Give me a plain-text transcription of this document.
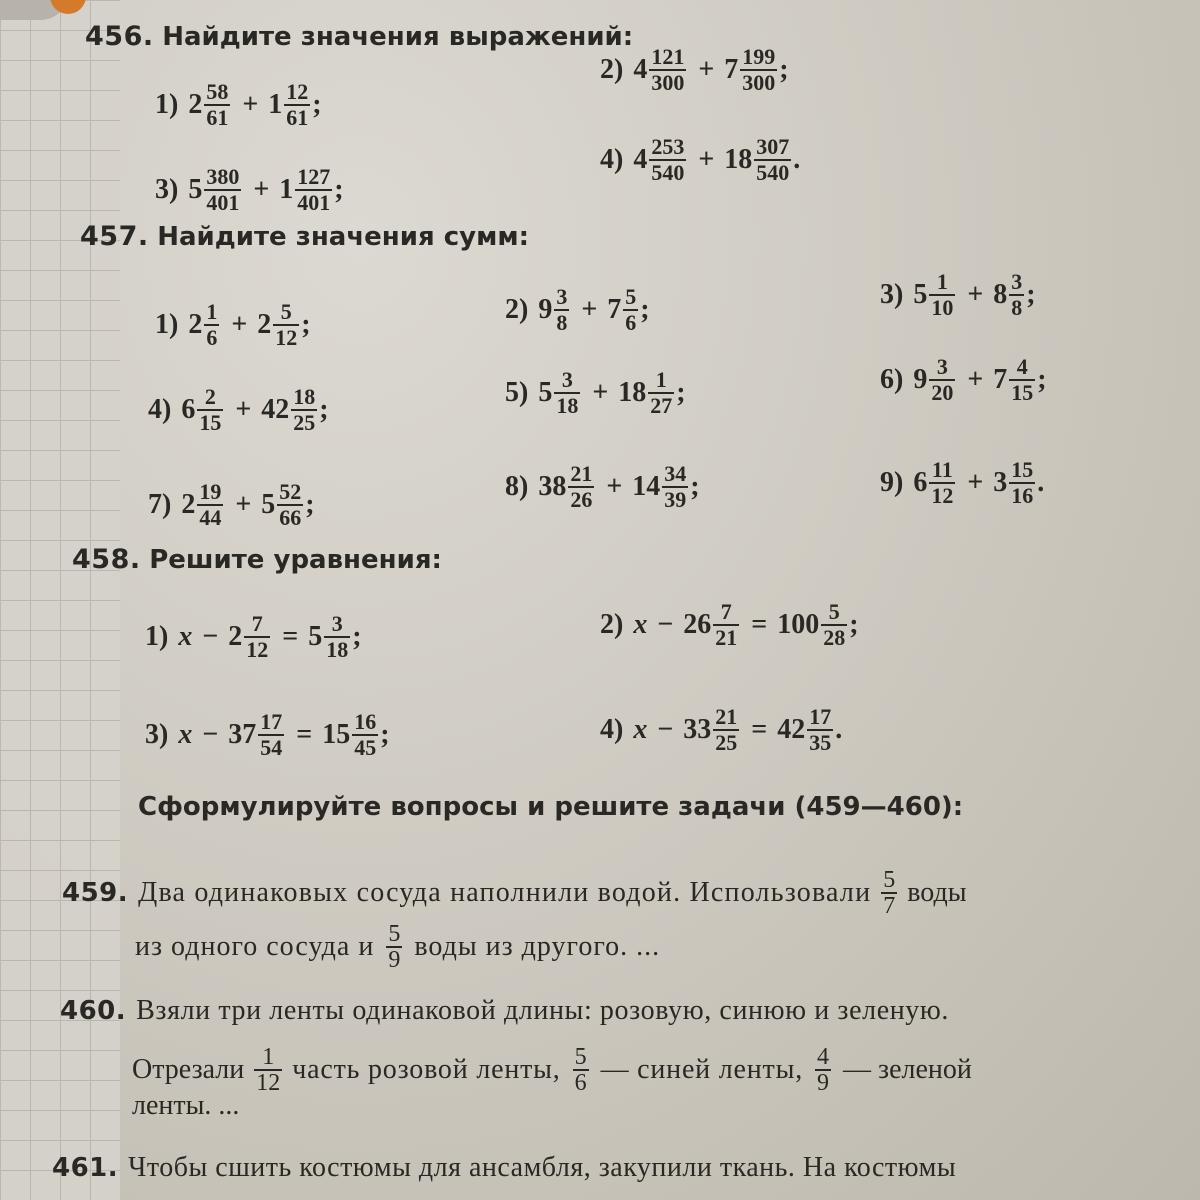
456. Найдите значения выражений:
457. Найдите значения сумм:
458. Решите уравнения:
Сформулируйте вопросы и решите задачи (459—460):
459. Два одинаковых сосуда наполнили водой. Использовали $\frac{5}{7}$ воды
из одного сосуда и $\frac{5}{9}$ воды из другого. ...
460. Взяли три ленты одинаковой длины: розовую, синюю и зеленую.
Отрезали $\frac{1}{12}$ часть розовой ленты, $\frac{5}{6}$ — синей ленты, $\frac{4}{9}$ — зеленой
ленты. ...
461. Чтобы сшить костюмы для ансамбля, закупили ткань. На костюмы
1) $2 \frac{58}{61} + 1 \frac{12}{61}$ ;
2) $4 \frac{121}{300} + 7 \frac{199}{300}$ ;
3) $5 \frac{380}{401} + 1 \frac{127}{401}$ ;
4) $4 \frac{253}{540} + 18 \frac{307}{540}$ .
1) $2 \frac{1}{6} + 2 \frac{5}{12}$ ;	2) $9 \frac{3}{8} + 7 \frac{5}{6}$ ;	3) $5 \frac{1}{10} + 8 \frac{3}{8}$ ;
4) $6 \frac{2}{15} + 42 \frac{18}{25}$ ;
5) $5 \frac{3}{18} + 18 \frac{1}{27}$ ;	6) $9 \frac{3}{20} + 7 \frac{4}{15}$ ;
7) $2 \frac{19}{44} + 5 \frac{52}{66}$ ;
8) $38 \frac{21}{26} + 14 \frac{34}{39}$ ;	9) $6 \frac{11}{12} + 3 \frac{15}{16}$ .
1) $x - 2 \frac{7}{12} = 5 \frac{3}{18}$ ;	2) $x - 26 \frac{7}{21} = 100 \frac{5}{28}$ ;
3) $x - 37 \frac{17}{54} = 15 \frac{16}{45}$ ;	4) $x - 33 \frac{21}{25} = 42 \frac{17}{35}$ .
